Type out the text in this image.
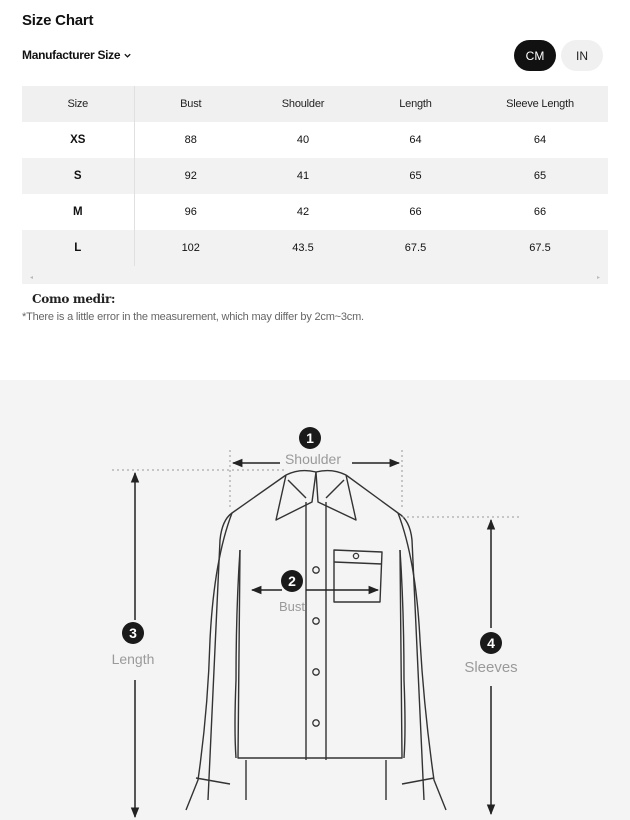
Size Chart
Manufacturer Size	CM	IN
Size	Bust	Shoulder	Length	Sleeve Length
XS	88	40	64	64
S	92	41	65	65
M	96	42	66	66
L	102	43.5	67.5	67.5
◂	▸
Como medir:
*There is a little error in the measurement, which may differ by 2cm~3cm.
1
Shoulder
2
Bust
3
Length
4
Sleeves
